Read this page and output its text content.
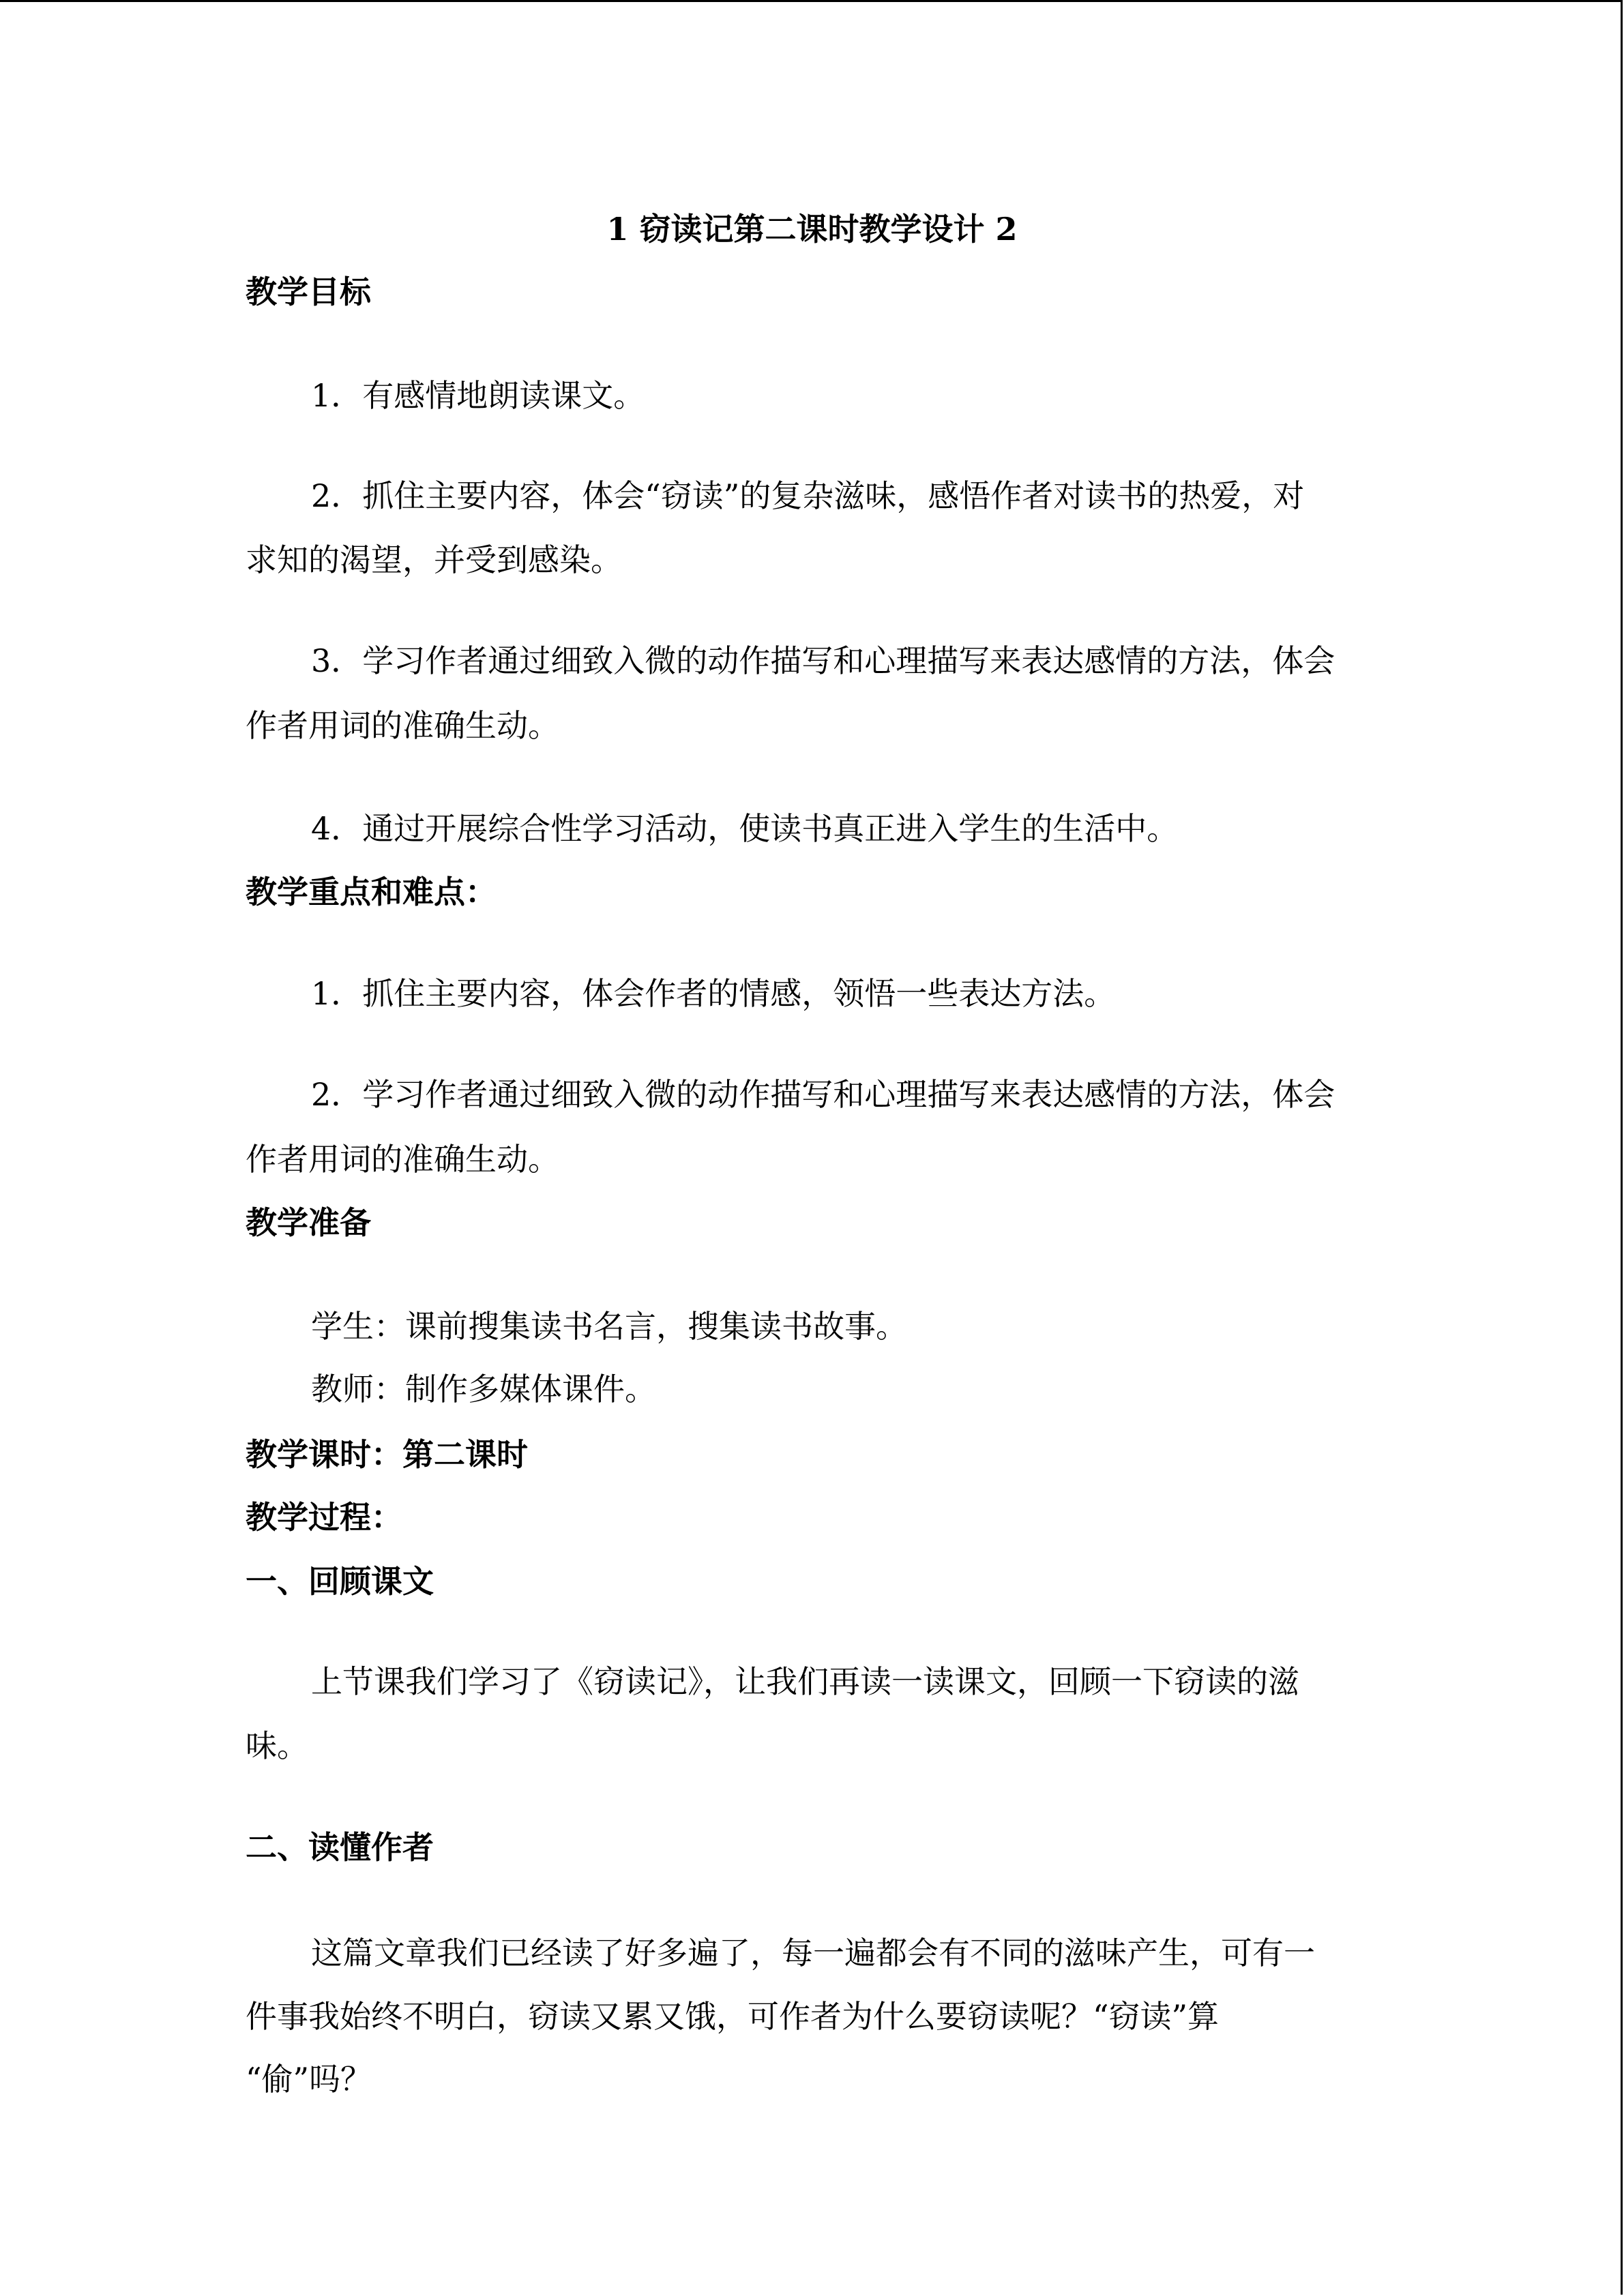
1 窃读记第二课时教学设计 2
教学目标
1．有感情地朗读课文。
2．抓住主要内容，体会“窃读”的复杂滋味，感悟作者对读书的热爱，对
求知的渴望，并受到感染。
3．学习作者通过细致入微的动作描写和心理描写来表达感情的方法，体会
作者用词的准确生动。
4．通过开展综合性学习活动，使读书真正进入学生的生活中。
教学重点和难点：
1．抓住主要内容，体会作者的情感，领悟一些表达方法。
2．学习作者通过细致入微的动作描写和心理描写来表达感情的方法，体会
作者用词的准确生动。
教学准备
学生：课前搜集读书名言，搜集读书故事。
教师：制作多媒体课件。
教学课时：第二课时
教学过程：
一、回顾课文
上节课我们学习了《窃读记》，让我们再读一读课文，回顾一下窃读的滋
味。
二、读懂作者
这篇文章我们已经读了好多遍了，每一遍都会有不同的滋味产生，可有一
件事我始终不明白，窃读又累又饿，可作者为什么要窃读呢？“窃读”算
“偷”吗？
